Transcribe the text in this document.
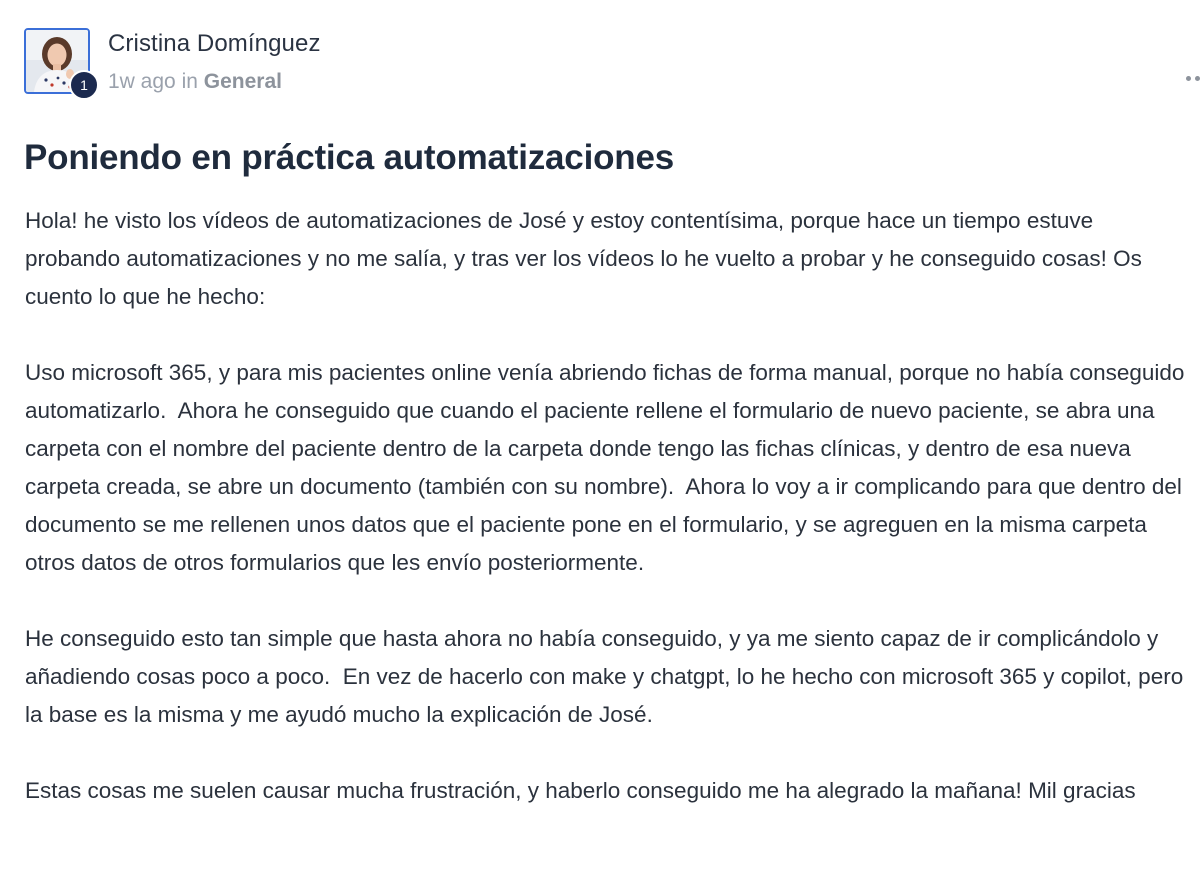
1
Cristina Domínguez
1w ago in General
Poniendo en práctica automatizaciones

Hola! he visto los vídeos de automatizaciones de José y estoy contentísima, porque hace un tiempo estuve probando automatizaciones y no me salía, y tras ver los vídeos lo he vuelto a probar y he conseguido cosas! Os cuento lo que he hecho:

Uso microsoft 365, y para mis pacientes online venía abriendo fichas de forma manual, porque no había conseguido automatizarlo.  Ahora he conseguido que cuando el paciente rellene el formulario de nuevo paciente, se abra una carpeta con el nombre del paciente dentro de la carpeta donde tengo las fichas clínicas, y dentro de esa nueva carpeta creada, se abre un documento (también con su nombre).  Ahora lo voy a ir complicando para que dentro del documento se me rellenen unos datos que el paciente pone en el formulario, y se agreguen en la misma carpeta otros datos de otros formularios que les envío posteriormente.

He conseguido esto tan simple que hasta ahora no había conseguido, y ya me siento capaz de ir complicándolo y añadiendo cosas poco a poco.  En vez de hacerlo con make y chatgpt, lo he hecho con microsoft 365 y copilot, pero la base es la misma y me ayudó mucho la explicación de José.

Estas cosas me suelen causar mucha frustración, y haberlo conseguido me ha alegrado la mañana! Mil gracias
